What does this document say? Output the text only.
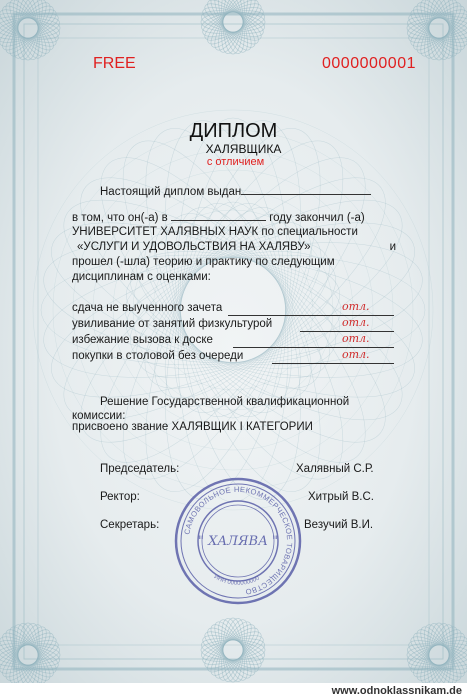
FREE	0000000001
ДИПЛОМ
ХАЛЯВЩИКА
с отличием
Настоящий диплом выдан
в том, что он(-а) в	году закончил (-а)
УНИВЕРСИТЕТ ХАЛЯВНЫХ НАУК по специальности
«УСЛУГИ И УДОВОЛЬСТВИЯ НА ХАЛЯВУ»	и
прошел (-шла) теорию и практику по следующим
дисциплинам с оценками:
сдача не выученного зачета	отл.
увиливание от занятий физкультурой	отл.
избежание вызова к доске	отл.
покупки в столовой без очереди	отл.
Решение Государственной квалификационной
комиссии:
присвоено звание ХАЛЯВЩИК I КАТЕГОРИИ
Председатель:	Халявный С.Р.
Ректор:	Хитрый В.С.
Секретарь:	Везучий В.И.
САМОВОЛЬНОЕ НЕКОММЕРЧЕСКОЕ ТОВАРИЩЕСТВО
ИНН 0000000000
" ХАЛЯВА "
www.odnoklassnikam.de
